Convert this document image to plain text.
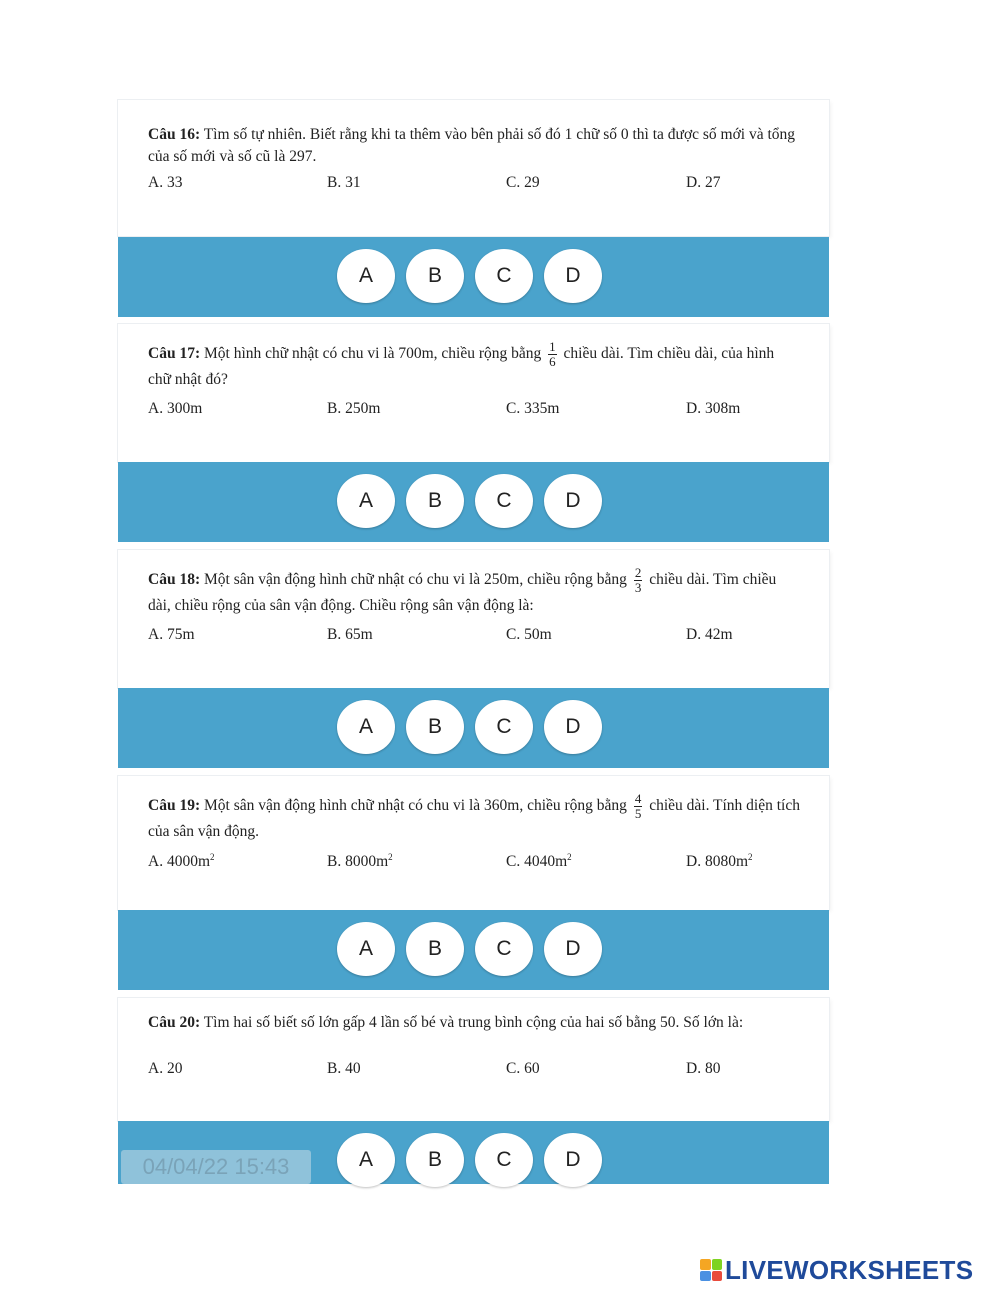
Câu 16: Tìm số tự nhiên. Biết rằng khi ta thêm vào bên phải số đó 1 chữ số 0 thì ta được số mới và tổng của số mới và số cũ là 297.
A. 33	B. 31	C. 29	D. 27
A	B	C	D
Câu 17: Một hình chữ nhật có chu vi là 700m, chiều rộng bằng $\frac{1}{6}$ chiều dài. Tìm chiều dài, của hình chữ nhật đó?
A. 300m	B. 250m	C. 335m	D. 308m
A	B	C	D
Câu 18: Một sân vận động hình chữ nhật có chu vi là 250m, chiều rộng bằng $\frac{2}{3}$ chiều dài. Tìm chiều dài, chiều rộng của sân vận động. Chiều rộng sân vận động là:
A. 75m	B. 65m	C. 50m	D. 42m
A	B	C	D
Câu 19: Một sân vận động hình chữ nhật có chu vi là 360m, chiều rộng bằng $\frac{4}{5}$ chiều dài. Tính diện tích của sân vận động.
A. $4000m^2$	B. $8000m^2$	C. $4040m^2$	D. $8080m^2$
A	B	C	D
Câu 20: Tìm hai số biết số lớn gấp 4 lần số bé và trung bình cộng của hai số bằng 50. Số lớn là:
A. 20	B. 40	C. 60	D. 80
A	B	C	D
04/04/22 15:43
LIVEWORKSHEETS
